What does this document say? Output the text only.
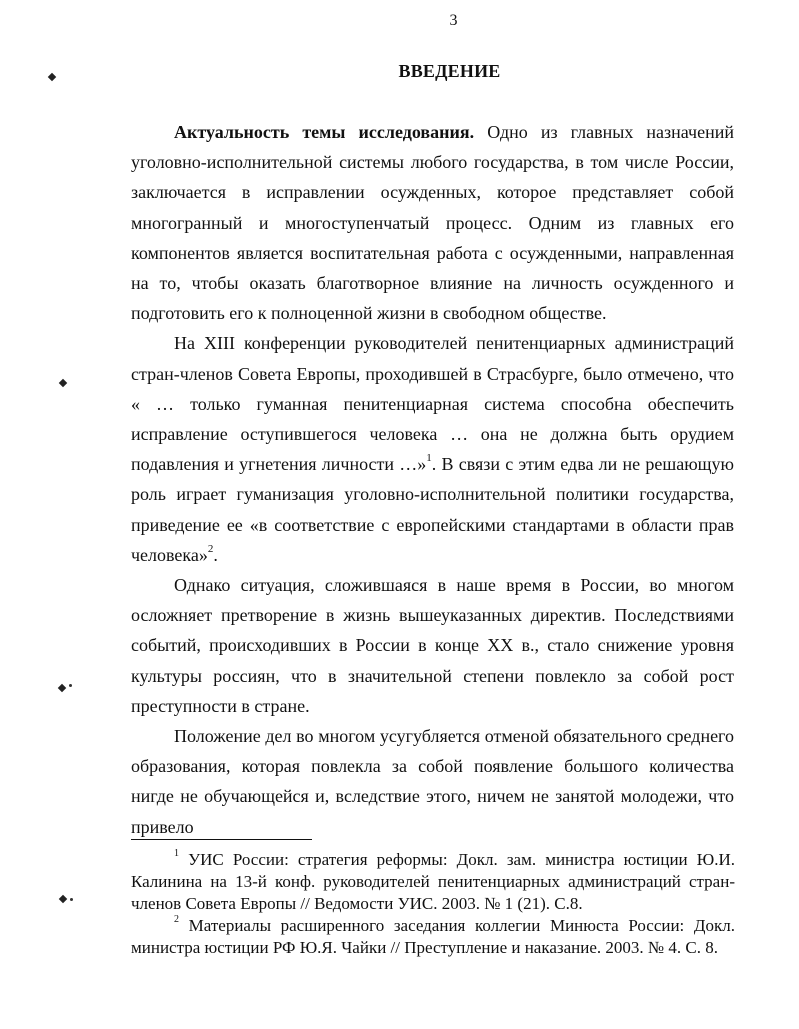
3
ВВЕДЕНИЕ

Актуальность темы исследования. Одно из главных назначений уголовно-исполнительной системы любого государства, в том числе России, заключается в исправлении осужденных, которое представляет собой многогранный и многоступенчатый процесс. Одним из главных его компонентов является воспитательная работа с осужденными, направленная на то, чтобы оказать благотворное влияние на личность осужденного и подготовить его к полноценной жизни в свободном обществе.

На XIII конференции руководителей пенитенциарных администраций стран-членов Совета Европы, проходившей в Страсбурге, было отмечено, что « … только гуманная пенитенциарная система способна обеспечить исправление оступившегося человека … она не должна быть орудием подавления и угнетения личности …»$^1$. В связи с этим едва ли не решающую роль играет гуманизация уголовно-исполнительной политики государства, приведение ее «в соответствие с европейскими стандартами в области прав человека»$^2$.

Однако ситуация, сложившаяся в наше время в России, во многом осложняет претворение в жизнь вышеуказанных директив. Последствиями событий, происходивших в России в конце XX в., стало снижение уровня культуры россиян, что в значительной степени повлекло за собой рост преступности в стране.

Положение дел во многом усугубляется отменой обязательного среднего образования, которая повлекла за собой появление большого количества нигде не обучающейся и, вследствие этого, ничем не занятой молодежи, что привело

$^1$ УИС России: стратегия реформы: Докл. зам. министра юстиции Ю.И. Калинина на 13-й конф. руководителей пенитенциарных администраций стран-членов Совета Европы // Ведомости УИС. 2003. № 1 (21). С.8.

$^2$ Материалы расширенного заседания коллегии Минюста России: Докл. министра юстиции РФ Ю.Я. Чайки // Преступление и наказание. 2003. № 4. С. 8.
